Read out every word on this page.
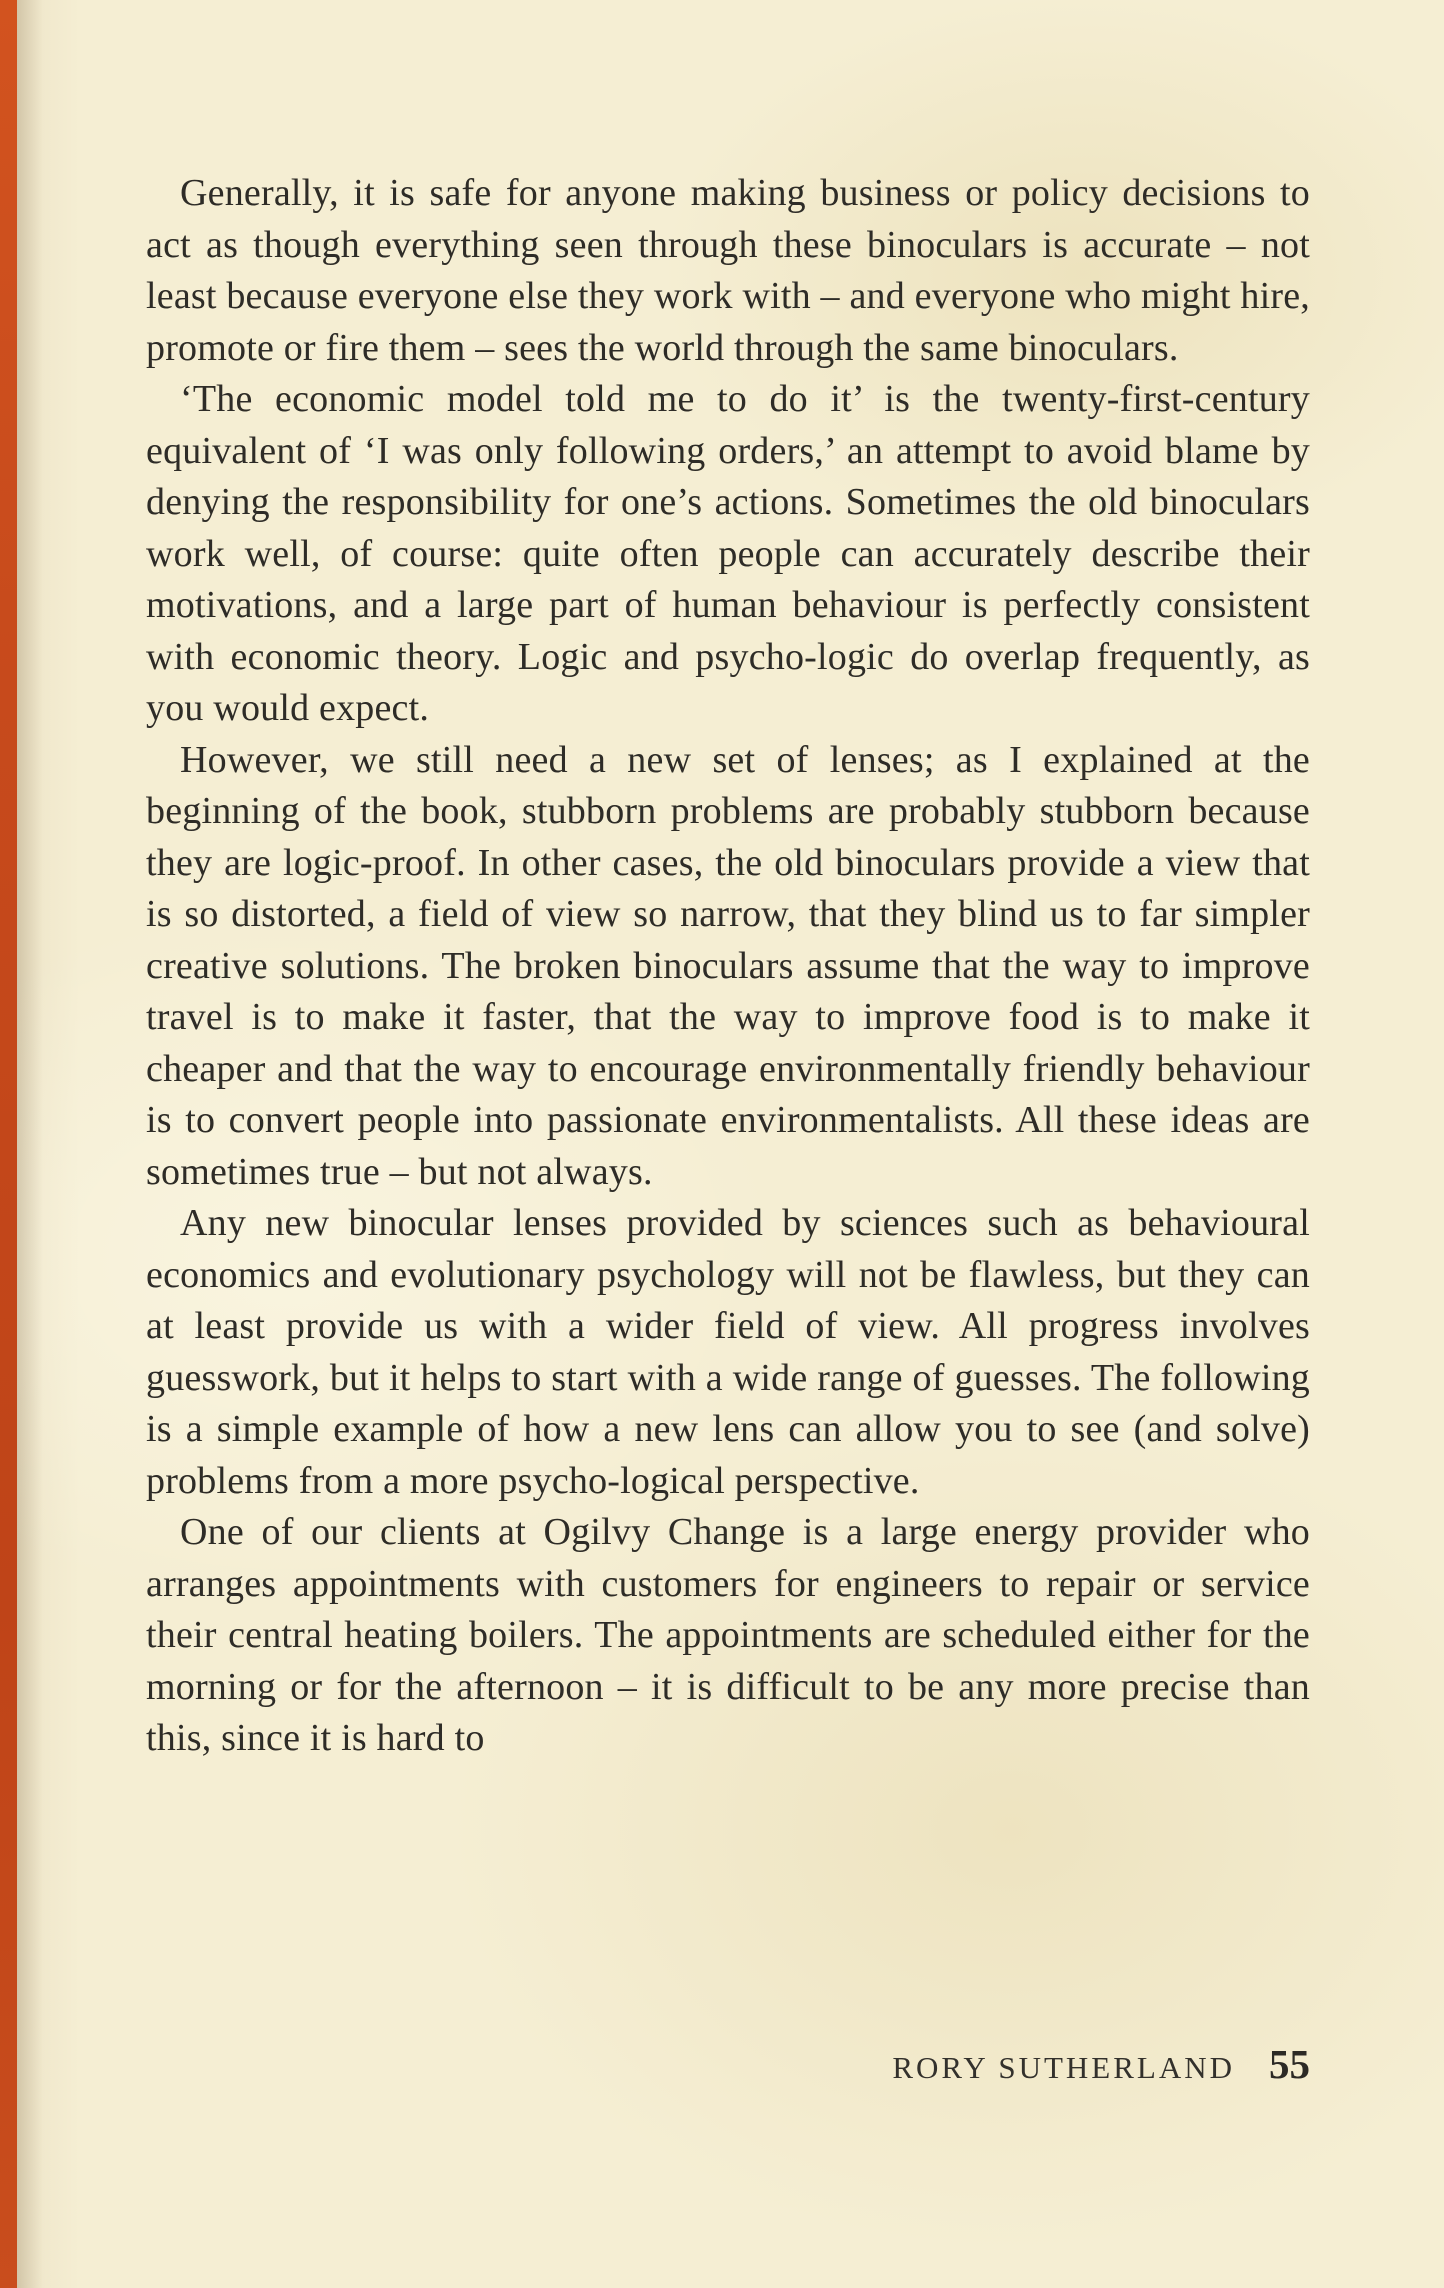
Generally, it is safe for anyone making business or policy decisions to act as though everything seen through these binoculars is accurate – not least because everyone else they work with – and everyone who might hire, promote or fire them – sees the world through the same binoculars.

‘The economic model told me to do it’ is the twenty-first-century equivalent of ‘I was only following orders,’ an attempt to avoid blame by denying the responsibility for one’s actions. Sometimes the old binoculars work well, of course: quite often people can accurately describe their motivations, and a large part of human behaviour is perfectly consistent with economic theory. Logic and psycho-logic do overlap frequently, as you would expect.

However, we still need a new set of lenses; as I explained at the beginning of the book, stubborn problems are probably stubborn because they are logic-proof. In other cases, the old binoculars provide a view that is so distorted, a field of view so narrow, that they blind us to far simpler creative solutions. The broken binoculars assume that the way to improve travel is to make it faster, that the way to improve food is to make it cheaper and that the way to encourage environmentally friendly behaviour is to convert people into passionate environmentalists. All these ideas are sometimes true – but not always.

Any new binocular lenses provided by sciences such as behavioural economics and evolutionary psychology will not be flawless, but they can at least provide us with a wider field of view. All progress involves guesswork, but it helps to start with a wide range of guesses. The following is a simple example of how a new lens can allow you to see (and solve) problems from a more psycho-logical perspective.

One of our clients at Ogilvy Change is a large energy provider who arranges appointments with customers for engineers to repair or service their central heating boilers. The appointments are scheduled either for the morning or for the afternoon – it is difficult to be any more precise than this, since it is hard to

RORY SUTHERLAND 55
